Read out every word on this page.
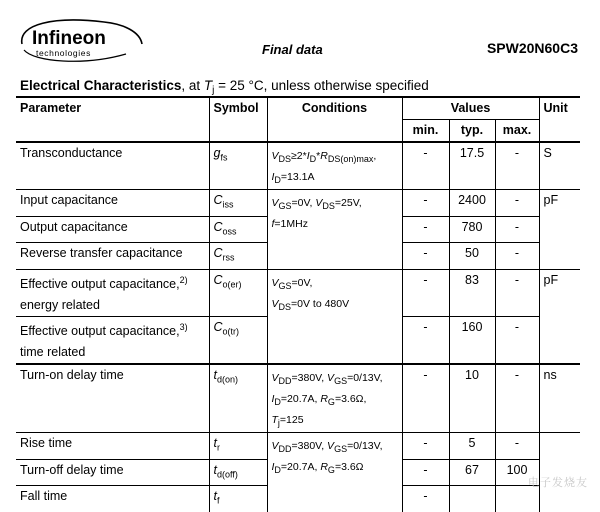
Infineon
technologies	Final data	SPW20N60C3
Electrical Characteristics, at $T_j = 25$ °C, unless otherwise specified
Parameter	Symbol	Conditions	Values			Unit
			min.	typ.	max.	
Transconductance	$g_{fs}$	$V_{DS}\ge 2*I_D*R_{DS(on)max}$,
$I_D=13.1A$	-	17.5	-	S
Input capacitance	$C_{iss}$	$V_{GS}=0V$, $V_{DS}=25V$,
f=1MHz	-	2400	-	pF
Output capacitance	$C_{oss}$		-	780	-	
Reverse transfer capacitance	$C_{rss}$		-	50	-	
Effective output capacitance,$^{2)}$
energy related	$C_{o(er)}$	$V_{GS}=0V$,
$V_{DS}=0V$ to 480V	-	83	-	pF
Effective output capacitance,$^{3)}$
time related	$C_{o(tr)}$		-	160	-	
Turn-on delay time	$t_{d(on)}$	$V_{DD}=380V$, $V_{GS}=0/13V$,
$I_D=20.7A$, $R_G=3.6\Omega$,
$T_j=125$	-	10	-	ns
Rise time	$t_r$	$V_{DD}=380V$, $V_{GS}=0/13V$,
$I_D=20.7A$, $R_G=3.6\Omega$	-	5	-	
Turn-off delay time	$t_{d(off)}$		-	67	100	
Fall time	$t_f$		-			
电子发烧友
